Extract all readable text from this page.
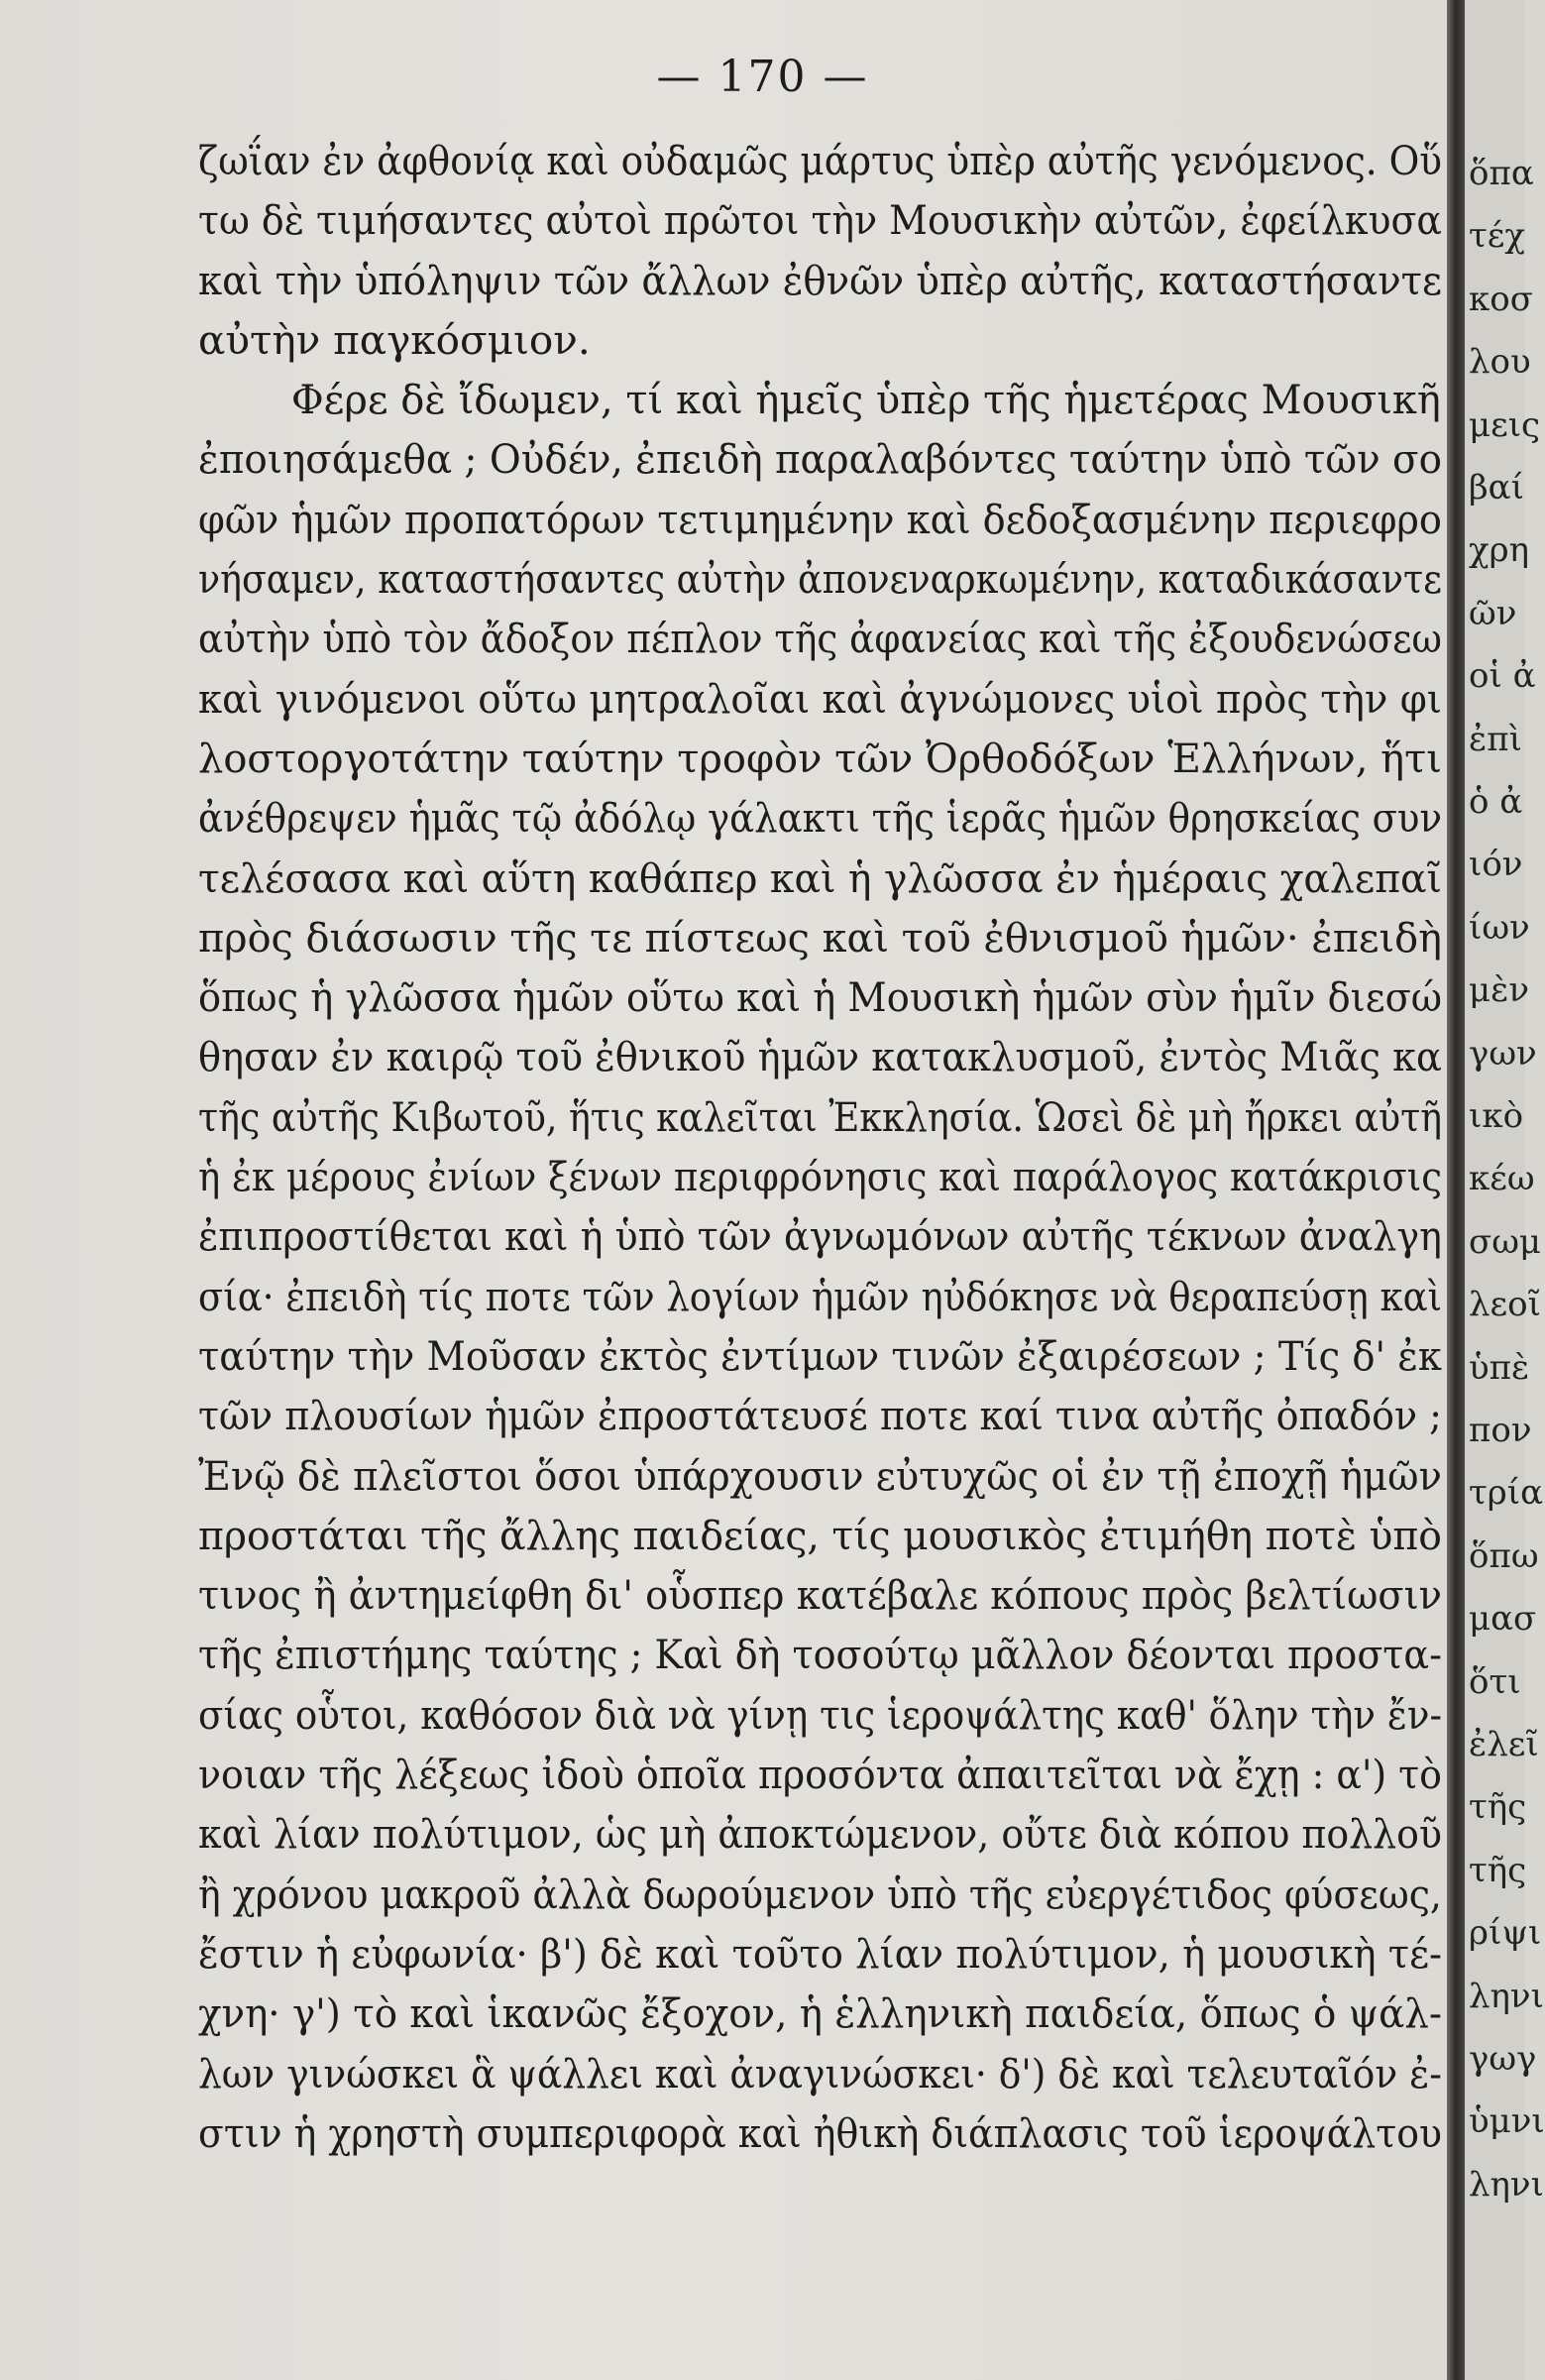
— 170 —
ζωΐαν ἐν ἀφθονίᾳ καὶ οὐδαμῶς μάρτυς ὑπὲρ αὐτῆς γενόμενος. Οὕ
τω δὲ τιμήσαντες αὐτοὶ πρῶτοι τὴν Μουσικὴν αὐτῶν, ἐφείλκυσα
καὶ τὴν ὑπόληψιν τῶν ἄλλων ἐθνῶν ὑπὲρ αὐτῆς, καταστήσαντε
αὐτὴν παγκόσμιον.
Φέρε δὲ ἴδωμεν, τί καὶ ἡμεῖς ὑπὲρ τῆς ἡμετέρας Μουσικῆ
ἐποιησάμεθα ; Οὐδέν, ἐπειδὴ παραλαβόντες ταύτην ὑπὸ τῶν σο
φῶν ἡμῶν προπατόρων τετιμημένην καὶ δεδοξασμένην περιεφρο
νήσαμεν, καταστήσαντες αὐτὴν ἀπονεναρκωμένην, καταδικάσαντε
αὐτὴν ὑπὸ τὸν ἄδοξον πέπλον τῆς ἀφανείας καὶ τῆς ἐξουδενώσεω
καὶ γινόμενοι οὕτω μητραλοῖαι καὶ ἀγνώμονες υἱοὶ πρὸς τὴν φι
λοστοργοτάτην ταύτην τροφὸν τῶν Ὀρθοδόξων Ἑλλήνων, ἥτι
ἀνέθρεψεν ἡμᾶς τῷ ἀδόλῳ γάλακτι τῆς ἱερᾶς ἡμῶν θρησκείας συν
τελέσασα καὶ αὕτη καθάπερ καὶ ἡ γλῶσσα ἐν ἡμέραις χαλεπαῖ
πρὸς διάσωσιν τῆς τε πίστεως καὶ τοῦ ἐθνισμοῦ ἡμῶν· ἐπειδὴ
ὅπως ἡ γλῶσσα ἡμῶν οὕτω καὶ ἡ Μουσικὴ ἡμῶν σὺν ἡμῖν διεσώ
θησαν ἐν καιρῷ τοῦ ἐθνικοῦ ἡμῶν κατακλυσμοῦ, ἐντὸς Μιᾶς κα
τῆς αὐτῆς Κιβωτοῦ, ἥτις καλεῖται Ἐκκλησία. Ὡσεὶ δὲ μὴ ἤρκει αὐτῆ
ἡ ἐκ μέρους ἐνίων ξένων περιφρόνησις καὶ παράλογος κατάκρισις
ἐπιπροστίθεται καὶ ἡ ὑπὸ τῶν ἀγνωμόνων αὐτῆς τέκνων ἀναλγη
σία· ἐπειδὴ τίς ποτε τῶν λογίων ἡμῶν ηὐδόκησε νὰ θεραπεύσῃ καὶ
ταύτην τὴν Μοῦσαν ἐκτὸς ἐντίμων τινῶν ἐξαιρέσεων ; Τίς δ' ἐκ
τῶν πλουσίων ἡμῶν ἐπροστάτευσέ ποτε καί τινα αὐτῆς ὀπαδόν ;
Ἐνῷ δὲ πλεῖστοι ὅσοι ὑπάρχουσιν εὐτυχῶς οἱ ἐν τῇ ἐποχῇ ἡμῶν
προστάται τῆς ἄλλης παιδείας, τίς μουσικὸς ἐτιμήθη ποτὲ ὑπὸ
τινος ἢ ἀντημείφθη δι' οὗσπερ κατέβαλε κόπους πρὸς βελτίωσιν
τῆς ἐπιστήμης ταύτης ; Καὶ δὴ τοσούτῳ μᾶλλον δέονται προστα-
σίας οὗτοι, καθόσον διὰ νὰ γίνῃ τις ἱεροψάλτης καθ' ὅλην τὴν ἔν-
νοιαν τῆς λέξεως ἰδοὺ ὁποῖα προσόντα ἀπαιτεῖται νὰ ἔχῃ : α') τὸ
καὶ λίαν πολύτιμον, ὡς μὴ ἀποκτώμενον, οὔτε διὰ κόπου πολλοῦ
ἢ χρόνου μακροῦ ἀλλὰ δωρούμενον ὑπὸ τῆς εὐεργέτιδος φύσεως,
ἔστιν ἡ εὐφωνία· β') δὲ καὶ τοῦτο λίαν πολύτιμον, ἡ μουσικὴ τέ-
χνη· γ') τὸ καὶ ἱκανῶς ἔξοχον, ἡ ἑλληνικὴ παιδεία, ὅπως ὁ ψάλ-
λων γινώσκει ἃ ψάλλει καὶ ἀναγινώσκει· δ') δὲ καὶ τελευταῖόν ἐ-
στιν ἡ χρηστὴ συμπεριφορὰ καὶ ἠθικὴ διάπλασις τοῦ ἱεροψάλτου
ὅπα
τέχ
κοσ
λου
μεις
βαί
χρη
ῶν
οἱ ἀ
ἐπὶ
ὁ ἀ
ιόν
ίων
μὲν
γων
ικὸ
κέω
σωμ
λεοῖ
ὑπὲ
πον
τρία
ὅπω
μασ
ὅτι
ἐλεῖ
τῆς
τῆς
ρίψι
ληνι
γωγ
ὑμνι
ληνι
